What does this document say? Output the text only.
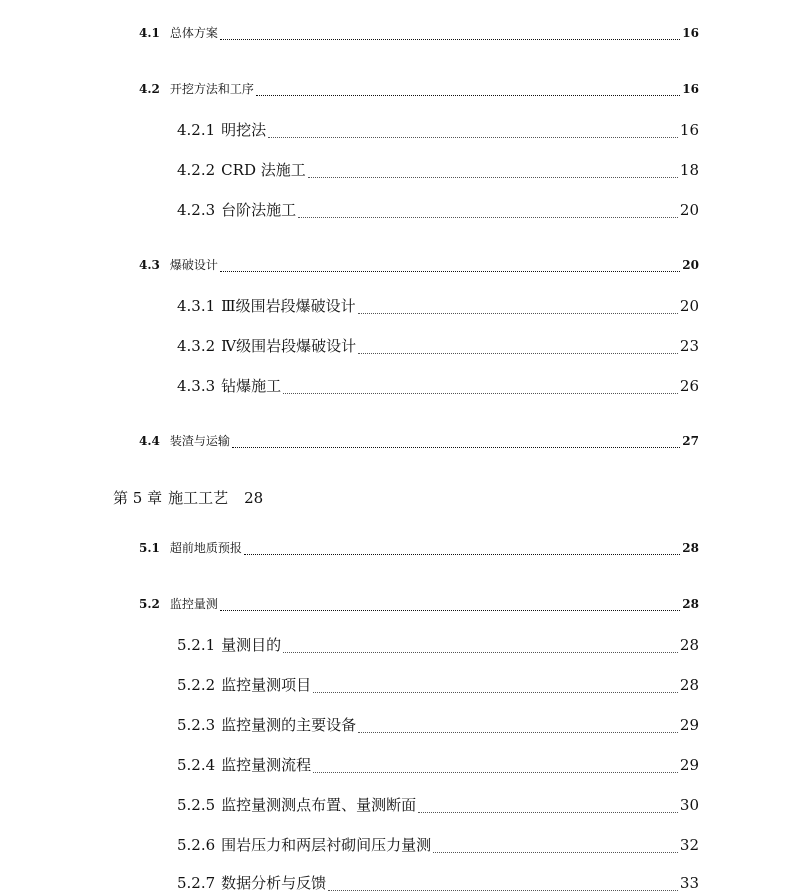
4.1 总体方案	16
4.2 开挖方法和工序	16
4.2.1 明挖法	16
4.2.2 CRD 法施工	18
4.2.3 台阶法施工	20
4.3 爆破设计	20
4.3.1 Ⅲ级围岩段爆破设计	20
4.3.2 Ⅳ级围岩段爆破设计	23
4.3.3 钻爆施工	26
4.4 装渣与运输	27
第 5 章 施工工艺 28
5.1 超前地质预报	28
5.2 监控量测	28
5.2.1 量测目的	28
5.2.2 监控量测项目	28
5.2.3 监控量测的主要设备	29
5.2.4 监控量测流程	29
5.2.5 监控量测测点布置、量测断面	30
5.2.6 围岩压力和两层衬砌间压力量测	32
5.2.7 数据分析与反馈	33
